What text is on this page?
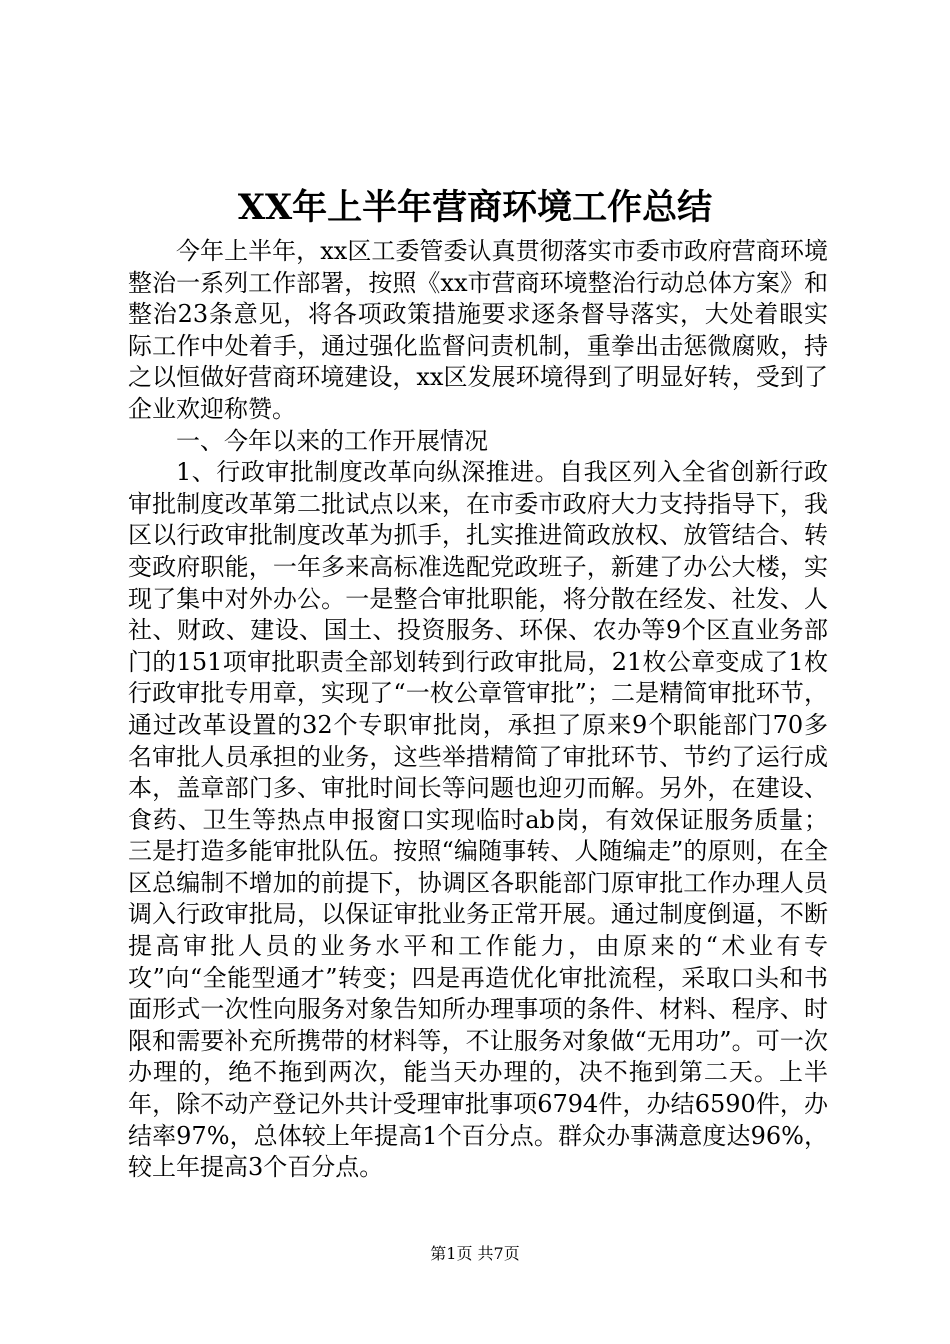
XX年上半年营商环境工作总结

今年上半年，xx区工委管委认真贯彻落实市委市政府营商环境整治一系列工作部署，按照《xx市营商环境整治行动总体方案》和整治23条意见，将各项政策措施要求逐条督导落实，大处着眼实际工作中处着手，通过强化监督问责机制，重拳出击惩微腐败，持之以恒做好营商环境建设，xx区发展环境得到了明显好转，受到了企业欢迎称赞。

一、今年以来的工作开展情况

1、行政审批制度改革向纵深推进。自我区列入全省创新行政审批制度改革第二批试点以来，在市委市政府大力支持指导下，我区以行政审批制度改革为抓手，扎实推进简政放权、放管结合、转变政府职能，一年多来高标准选配党政班子，新建了办公大楼，实现了集中对外办公。一是整合审批职能，将分散在经发、社发、人社、财政、建设、国土、投资服务、环保、农办等9个区直业务部门的151项审批职责全部划转到行政审批局，21枚公章变成了1枚行政审批专用章，实现了“一枚公章管审批”；二是精简审批环节，通过改革设置的32个专职审批岗，承担了原来9个职能部门70多名审批人员承担的业务，这些举措精简了审批环节、节约了运行成本，盖章部门多、审批时间长等问题也迎刃而解。另外，在建设、食药、卫生等热点申报窗口实现临时ab岗，有效保证服务质量；三是打造多能审批队伍。按照“编随事转、人随编走”的原则，在全区总编制不增加的前提下，协调区各职能部门原审批工作办理人员调入行政审批局，以保证审批业务正常开展。通过制度倒逼，不断提高审批人员的业务水平和工作能力，由原来的“术业有专攻”向“全能型通才”转变；四是再造优化审批流程，采取口头和书面形式一次性向服务对象告知所办理事项的条件、材料、程序、时限和需要补充所携带的材料等，不让服务对象做“无用功”。可一次办理的，绝不拖到两次，能当天办理的，决不拖到第二天。上半年，除不动产登记外共计受理审批事项6794件，办结6590件，办结率97%，总体较上年提高1个百分点。群众办事满意度达96%，较上年提高3个百分点。

第1页 共7页
